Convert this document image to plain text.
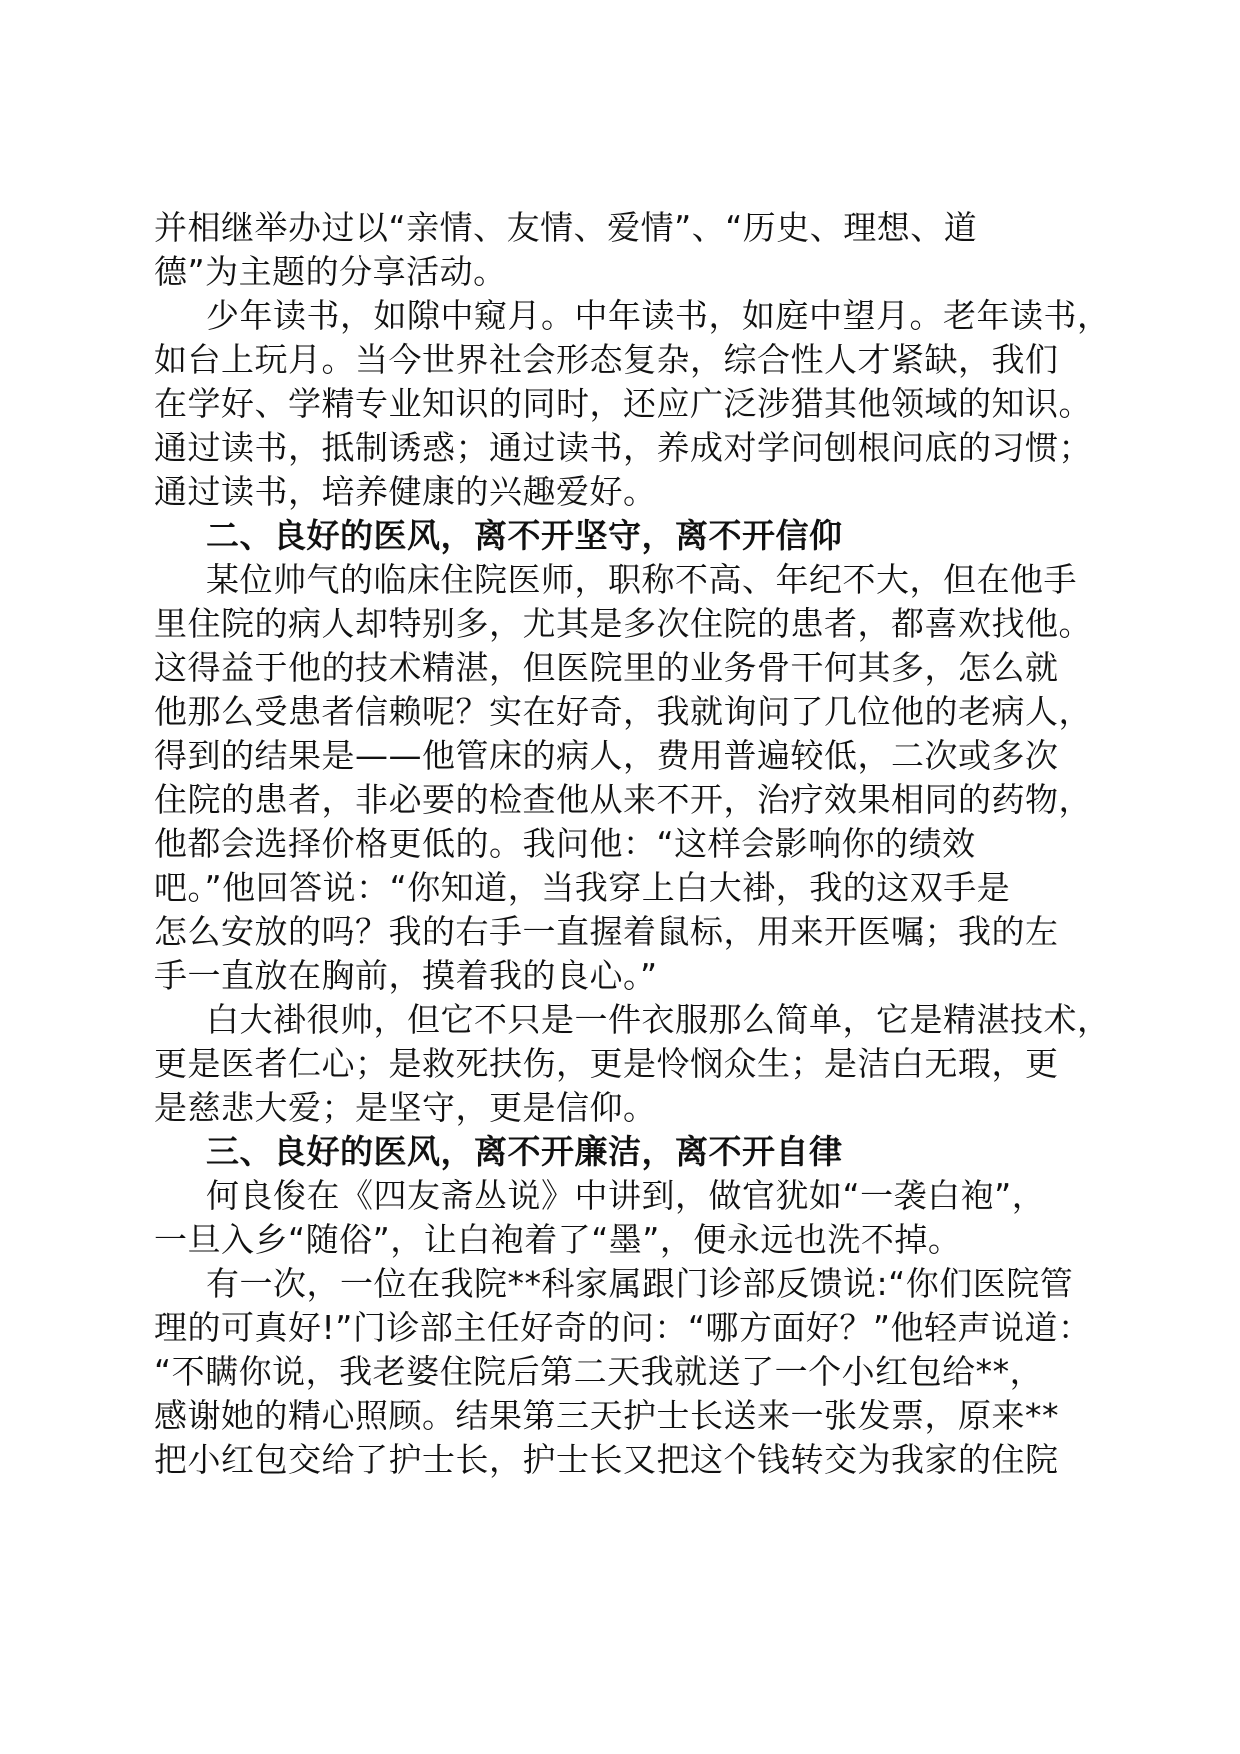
并相继举办过以“亲情、友情、爱情”、“历史、理想、道
德”为主题的分享活动。
少年读书，如隙中窥月。中年读书，如庭中望月。老年读书，
如台上玩月。当今世界社会形态复杂，综合性人才紧缺，我们
在学好、学精专业知识的同时，还应广泛涉猎其他领域的知识。
通过读书，抵制诱惑；通过读书，养成对学问刨根问底的习惯；
通过读书，培养健康的兴趣爱好。
二、良好的医风，离不开坚守，离不开信仰
某位帅气的临床住院医师，职称不高、年纪不大，但在他手
里住院的病人却特别多，尤其是多次住院的患者，都喜欢找他。
这得益于他的技术精湛，但医院里的业务骨干何其多，怎么就
他那么受患者信赖呢？实在好奇，我就询问了几位他的老病人，
得到的结果是——他管床的病人，费用普遍较低，二次或多次
住院的患者，非必要的检查他从来不开，治疗效果相同的药物，
他都会选择价格更低的。我问他：“这样会影响你的绩效
吧。”他回答说：“你知道，当我穿上白大褂，我的这双手是
怎么安放的吗？我的右手一直握着鼠标，用来开医嘱；我的左
手一直放在胸前，摸着我的良心。”
白大褂很帅，但它不只是一件衣服那么简单，它是精湛技术，
更是医者仁心；是救死扶伤，更是怜悯众生；是洁白无瑕，更
是慈悲大爱；是坚守，更是信仰。
三、良好的医风，离不开廉洁，离不开自律
何良俊在《四友斋丛说》中讲到，做官犹如“一袭白袍”，
一旦入乡“随俗”，让白袍着了“墨”，便永远也洗不掉。
有一次，一位在我院**科家属跟门诊部反馈说:“你们医院管
理的可真好!”门诊部主任好奇的问：“哪方面好？”他轻声说道：
“不瞒你说，我老婆住院后第二天我就送了一个小红包给**，
感谢她的精心照顾。结果第三天护士长送来一张发票，原来**
把小红包交给了护士长，护士长又把这个钱转交为我家的住院
